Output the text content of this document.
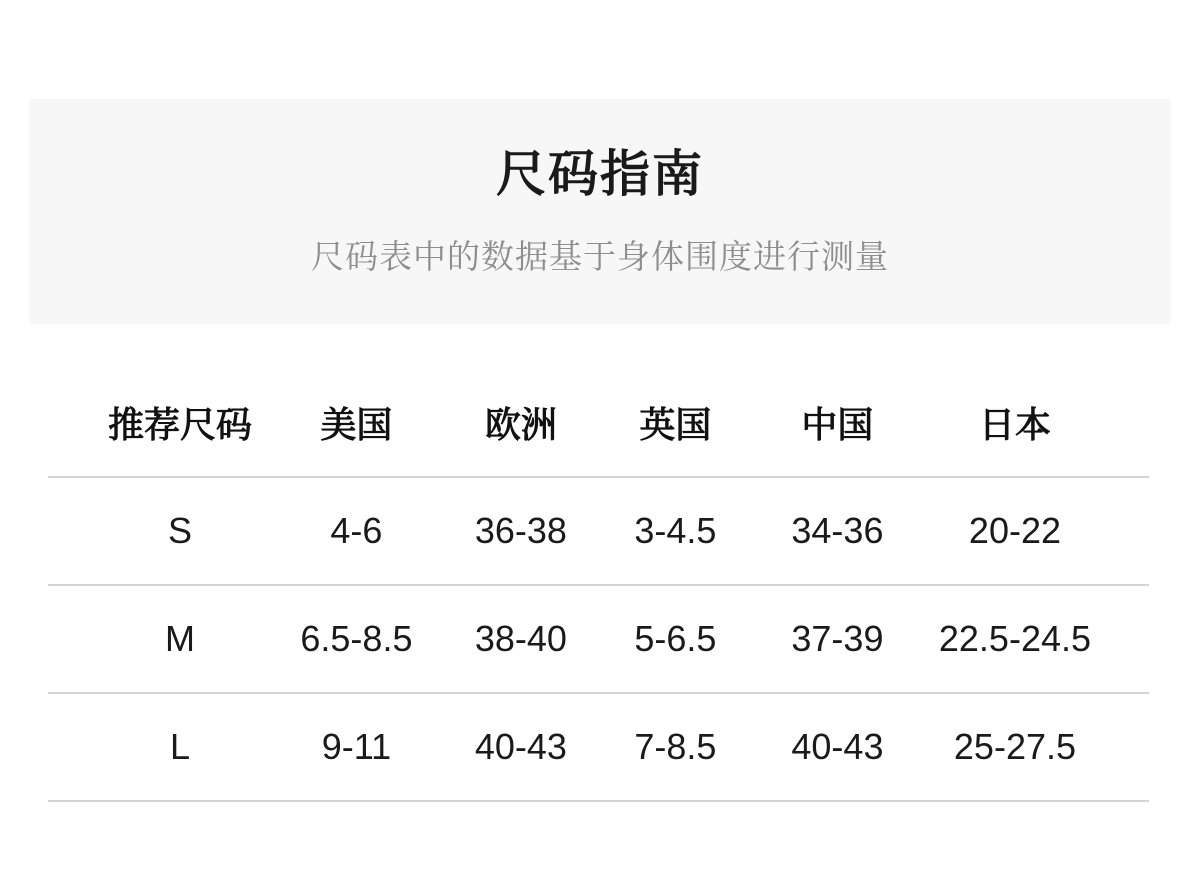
尺码指南
尺码表中的数据基于身体围度进行测量
推荐尺码	美国	欧洲	英国	中国	日本
S	4-6	36-38	3-4.5	34-36	20-22
M	6.5-8.5	38-40	5-6.5	37-39	22.5-24.5
L	9-11	40-43	7-8.5	40-43	25-27.5
